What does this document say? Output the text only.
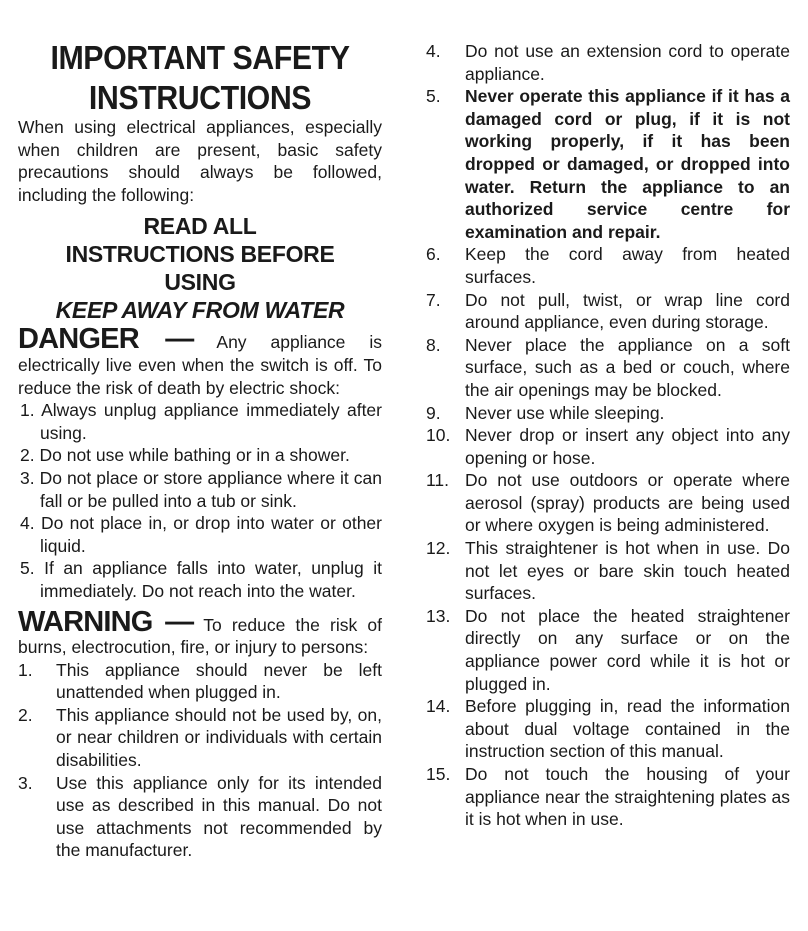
IMPORTANT SAFETY INSTRUCTIONS

When using electrical appliances, especially when children are present, basic safety precautions should always be followed, including the following:

READ ALL INSTRUCTIONS BEFORE USING
KEEP AWAY FROM WATER

DANGER — Any appliance is electrically live even when the switch is off. To reduce the risk of death by electric shock:

1. Always unplug appliance immediately after using.
2. Do not use while bathing or in a shower.
3. Do not place or store appliance where it can fall or be pulled into a tub or sink.
4. Do not place in, or drop into water or other liquid.
5. If an appliance falls into water, unplug it immediately. Do not reach into the water.

WARNING — To reduce the risk of burns, electrocution, fire, or injury to persons:

1.	This appliance should never be left unattended when plugged in.
2.	This appliance should not be used by, on, or near children or individuals with certain disabilities.
3.	Use this appliance only for its intended use as described in this manual. Do not use attachments not recommended by the manufacturer.
4.	Do not use an extension cord to operate appliance.
5.	Never operate this appliance if it has a damaged cord or plug, if it is not working properly, if it has been dropped or damaged, or dropped into water. Return the appliance to an authorized service centre for examination and repair.
6.	Keep the cord away from heated surfaces.
7.	Do not pull, twist, or wrap line cord around appliance, even during storage.
8.	Never place the appliance on a soft surface, such as a bed or couch, where the air openings may be blocked.
9.	Never use while sleeping.
10. Never drop or insert any object into any opening or hose.
11. Do not use outdoors or operate where aerosol (spray) products are being used or where oxygen is being administered.
12. This straightener is hot when in use. Do not let eyes or bare skin touch heated surfaces.
13. Do not place the heated straightener directly on any surface or on the appliance power cord while it is hot or plugged in.
14. Before plugging in, read the information about dual voltage contained in the instruction section of this manual.
15. Do not touch the housing of your appliance near the straightening plates as it is hot when in use.
